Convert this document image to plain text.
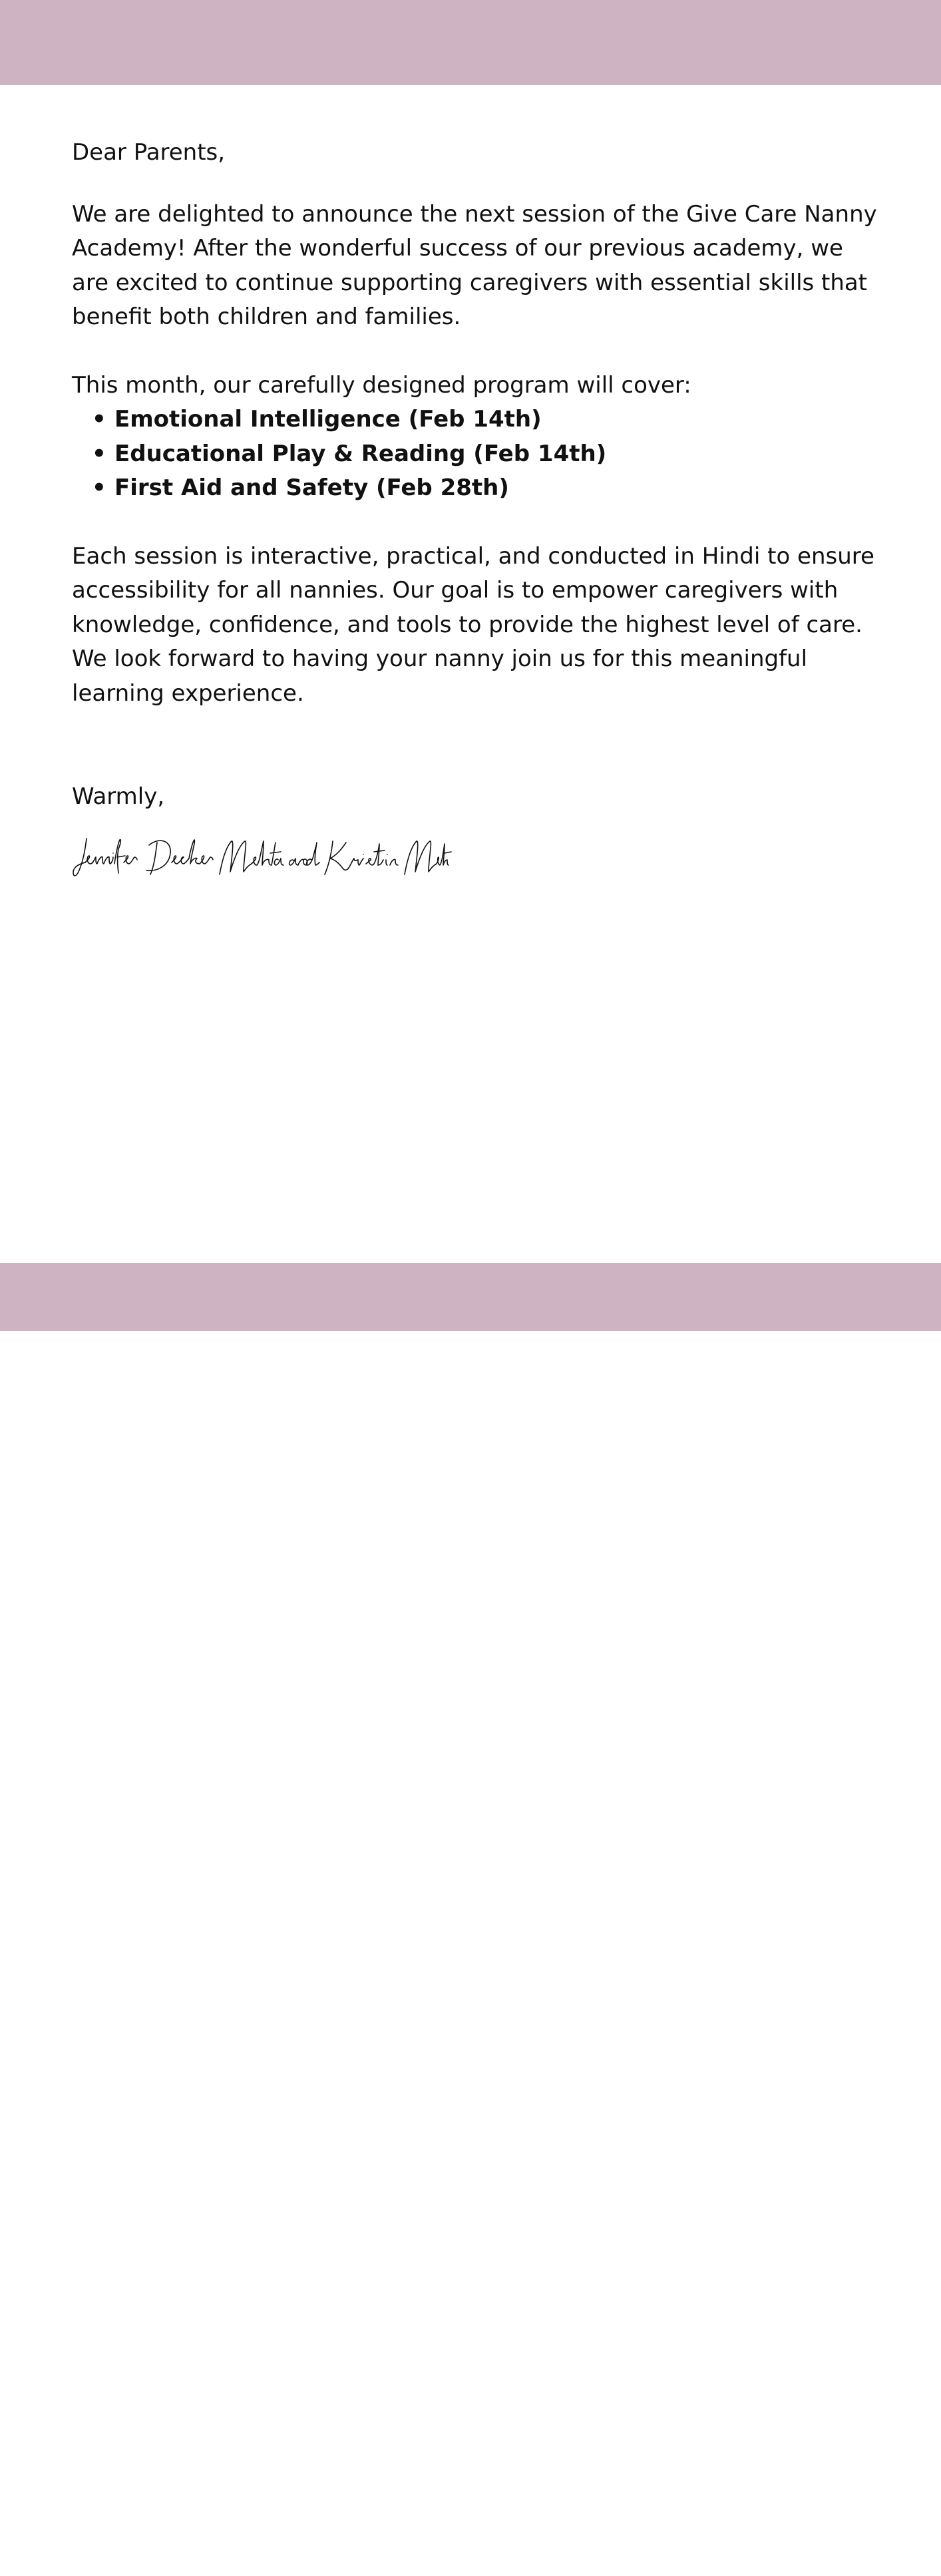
Dear Parents,

We are delighted to announce the next session of the Give Care Nanny Academy! After the wonderful success of our previous academy, we are excited to continue supporting caregivers with essential skills that benefit both children and families.

This month, our carefully designed program will cover:

• Emotional Intelligence (Feb 14th)
• Educational Play & Reading (Feb 14th)
• First Aid and Safety (Feb 28th)

Each session is interactive, practical, and conducted in Hindi to ensure accessibility for all nannies. Our goal is to empower caregivers with knowledge, confidence, and tools to provide the highest level of care. We look forward to having your nanny join us for this meaningful learning experience.

Warmly,

V.1.26.1	1
